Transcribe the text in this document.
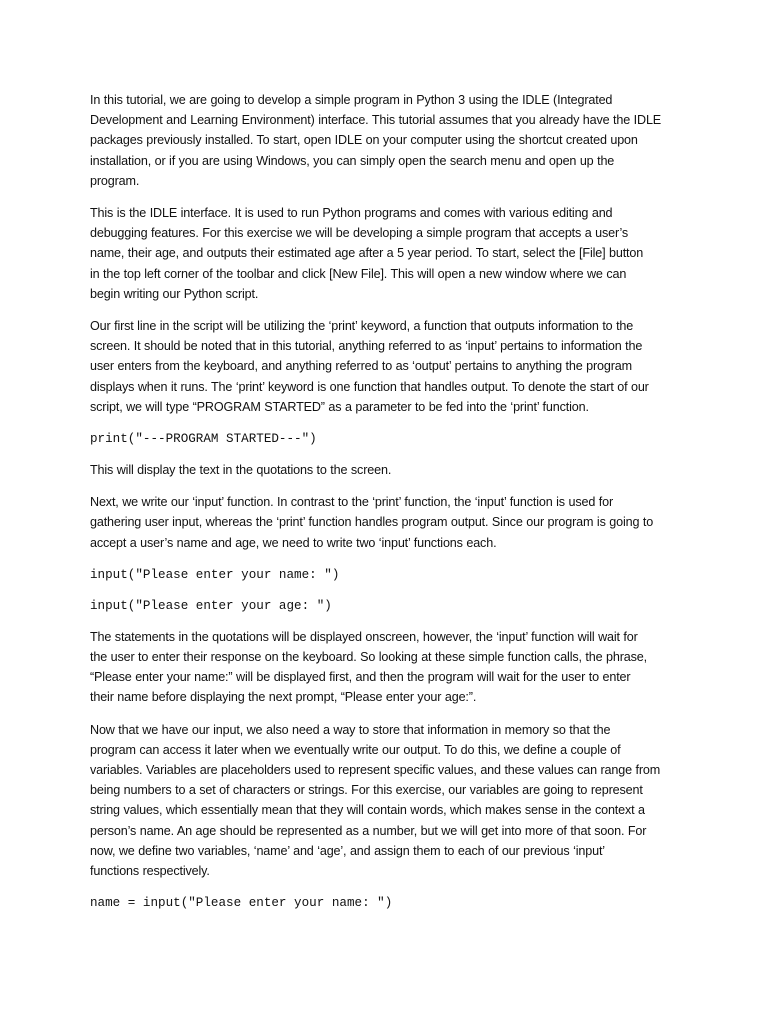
In this tutorial, we are going to develop a simple program in Python 3 using the IDLE (Integrated
Development and Learning Environment) interface. This tutorial assumes that you already have the IDLE
packages previously installed. To start, open IDLE on your computer using the shortcut created upon
installation, or if you are using Windows, you can simply open the search menu and open up the
program.

This is the IDLE interface. It is used to run Python programs and comes with various editing and
debugging features. For this exercise we will be developing a simple program that accepts a user’s
name, their age, and outputs their estimated age after a 5 year period. To start, select the [File] button
in the top left corner of the toolbar and click [New File]. This will open a new window where we can
begin writing our Python script.

Our first line in the script will be utilizing the ‘print’ keyword, a function that outputs information to the
screen. It should be noted that in this tutorial, anything referred to as ‘input’ pertains to information the
user enters from the keyboard, and anything referred to as ‘output’ pertains to anything the program
displays when it runs. The ‘print’ keyword is one function that handles output. To denote the start of our
script, we will type “PROGRAM STARTED” as a parameter to be fed into the ‘print’ function.

print("---PROGRAM STARTED---")

This will display the text in the quotations to the screen.

Next, we write our ‘input’ function. In contrast to the ‘print’ function, the ‘input’ function is used for
gathering user input, whereas the ‘print’ function handles program output. Since our program is going to
accept a user’s name and age, we need to write two ‘input’ functions each.

input("Please enter your name: ")
input("Please enter your age: ")

The statements in the quotations will be displayed onscreen, however, the ‘input’ function will wait for
the user to enter their response on the keyboard. So looking at these simple function calls, the phrase,
“Please enter your name:” will be displayed first, and then the program will wait for the user to enter
their name before displaying the next prompt, “Please enter your age:”.

Now that we have our input, we also need a way to store that information in memory so that the
program can access it later when we eventually write our output. To do this, we define a couple of
variables. Variables are placeholders used to represent specific values, and these values can range from
being numbers to a set of characters or strings. For this exercise, our variables are going to represent
string values, which essentially mean that they will contain words, which makes sense in the context a
person’s name. An age should be represented as a number, but we will get into more of that soon. For
now, we define two variables, ‘name’ and ‘age’, and assign them to each of our previous ‘input’
functions respectively.

name = input("Please enter your name: ")
